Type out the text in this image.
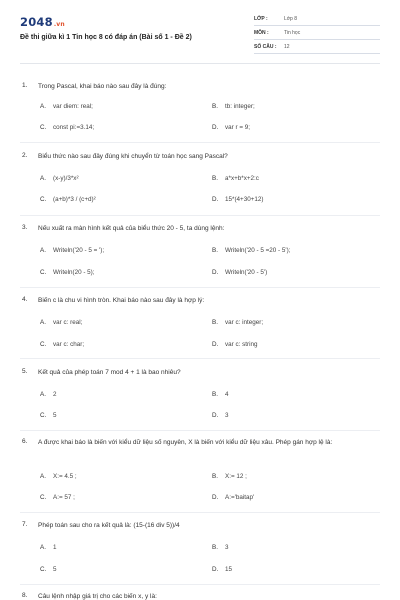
2048.vn
Đề thi giữa kì 1 Tin học 8 có đáp án (Bài số 1 - Đề 2)
LỚP :	Lớp 8
MÔN :	Tin học
SỐ CÂU : 12
1. Trong Pascal, khai báo nào sau đây là đúng:
A. var diem: real;	B. tb: integer;
C. const pi:=3.14;	D. var r = 9;
2. Biểu thức nào sau đây đúng khi chuyển từ toán học sang Pascal?
A. (x-y)/3*x²	B. a*x+b*x+2:c
C. (a+b)*3 / (c+d)²	D. 15*(4+30+12)
3. Nếu xuất ra màn hình kết quả của biểu thức 20 - 5, ta dùng lệnh:
A. Writeln('20 - 5 = ');	B. Writeln('20 - 5 =20 - 5');
C. Writeln(20 - 5);	D. Writeln('20 - 5')
4. Biến c là chu vi hình tròn. Khai báo nào sau đây là hợp lý:
A. var c: real;	B. var c: integer;
C. var c: char;	D. var c: string
5. Kết quả của phép toán 7 mod 4 + 1 là bao nhiêu?
A. 2	B. 4
C. 5	D. 3
6. A được khai báo là biến với kiểu dữ liệu số nguyên, X là biến với kiểu dữ liệu xâu. Phép gán hợp lệ là:
A. X:= 4.5 ;	B. X:= 12 ;
C. A:= 57 ;	D. A:='baitap'
7. Phép toán sau cho ra kết quả là: (15-(16 div 5))/4
A. 1	B. 3
C. 5	D. 15
8. Câu lệnh nhập giá trị cho các biến x, y là:
